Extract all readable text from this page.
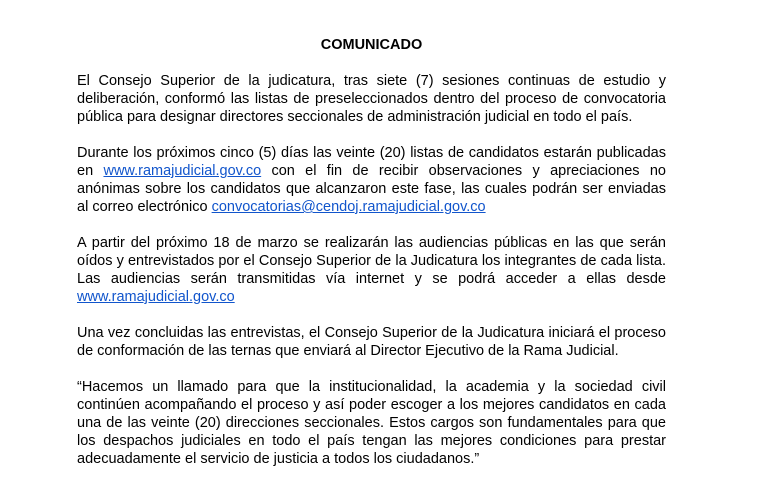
COMUNICADO

El Consejo Superior de la judicatura, tras siete (7) sesiones continuas de estudio y deliberación, conformó las listas de preseleccionados dentro del proceso de convocatoria pública para designar directores seccionales de administración judicial en todo el país.

Durante los próximos cinco (5) días las veinte (20) listas de candidatos estarán publicadas en www.ramajudicial.gov.co con el fin de recibir observaciones y apreciaciones no anónimas sobre los candidatos que alcanzaron este fase, las cuales podrán ser enviadas al correo electrónico convocatorias@cendoj.ramajudicial.gov.co

A partir del próximo 18 de marzo se realizarán las audiencias públicas en las que serán oídos y entrevistados por el Consejo Superior de la Judicatura los integrantes de cada lista. Las audiencias serán transmitidas vía internet y se podrá acceder a ellas desde www.ramajudicial.gov.co

Una vez concluidas las entrevistas, el Consejo Superior de la Judicatura iniciará el proceso de conformación de las ternas que enviará al Director Ejecutivo de la Rama Judicial.

“Hacemos un llamado para que la institucionalidad, la academia y la sociedad civil continúen acompañando el proceso y así poder escoger a los mejores candidatos en cada una de las veinte (20) direcciones seccionales. Estos cargos son fundamentales para que los despachos judiciales en todo el país tengan las mejores condiciones para prestar adecuadamente el servicio de justicia a todos los ciudadanos.”
